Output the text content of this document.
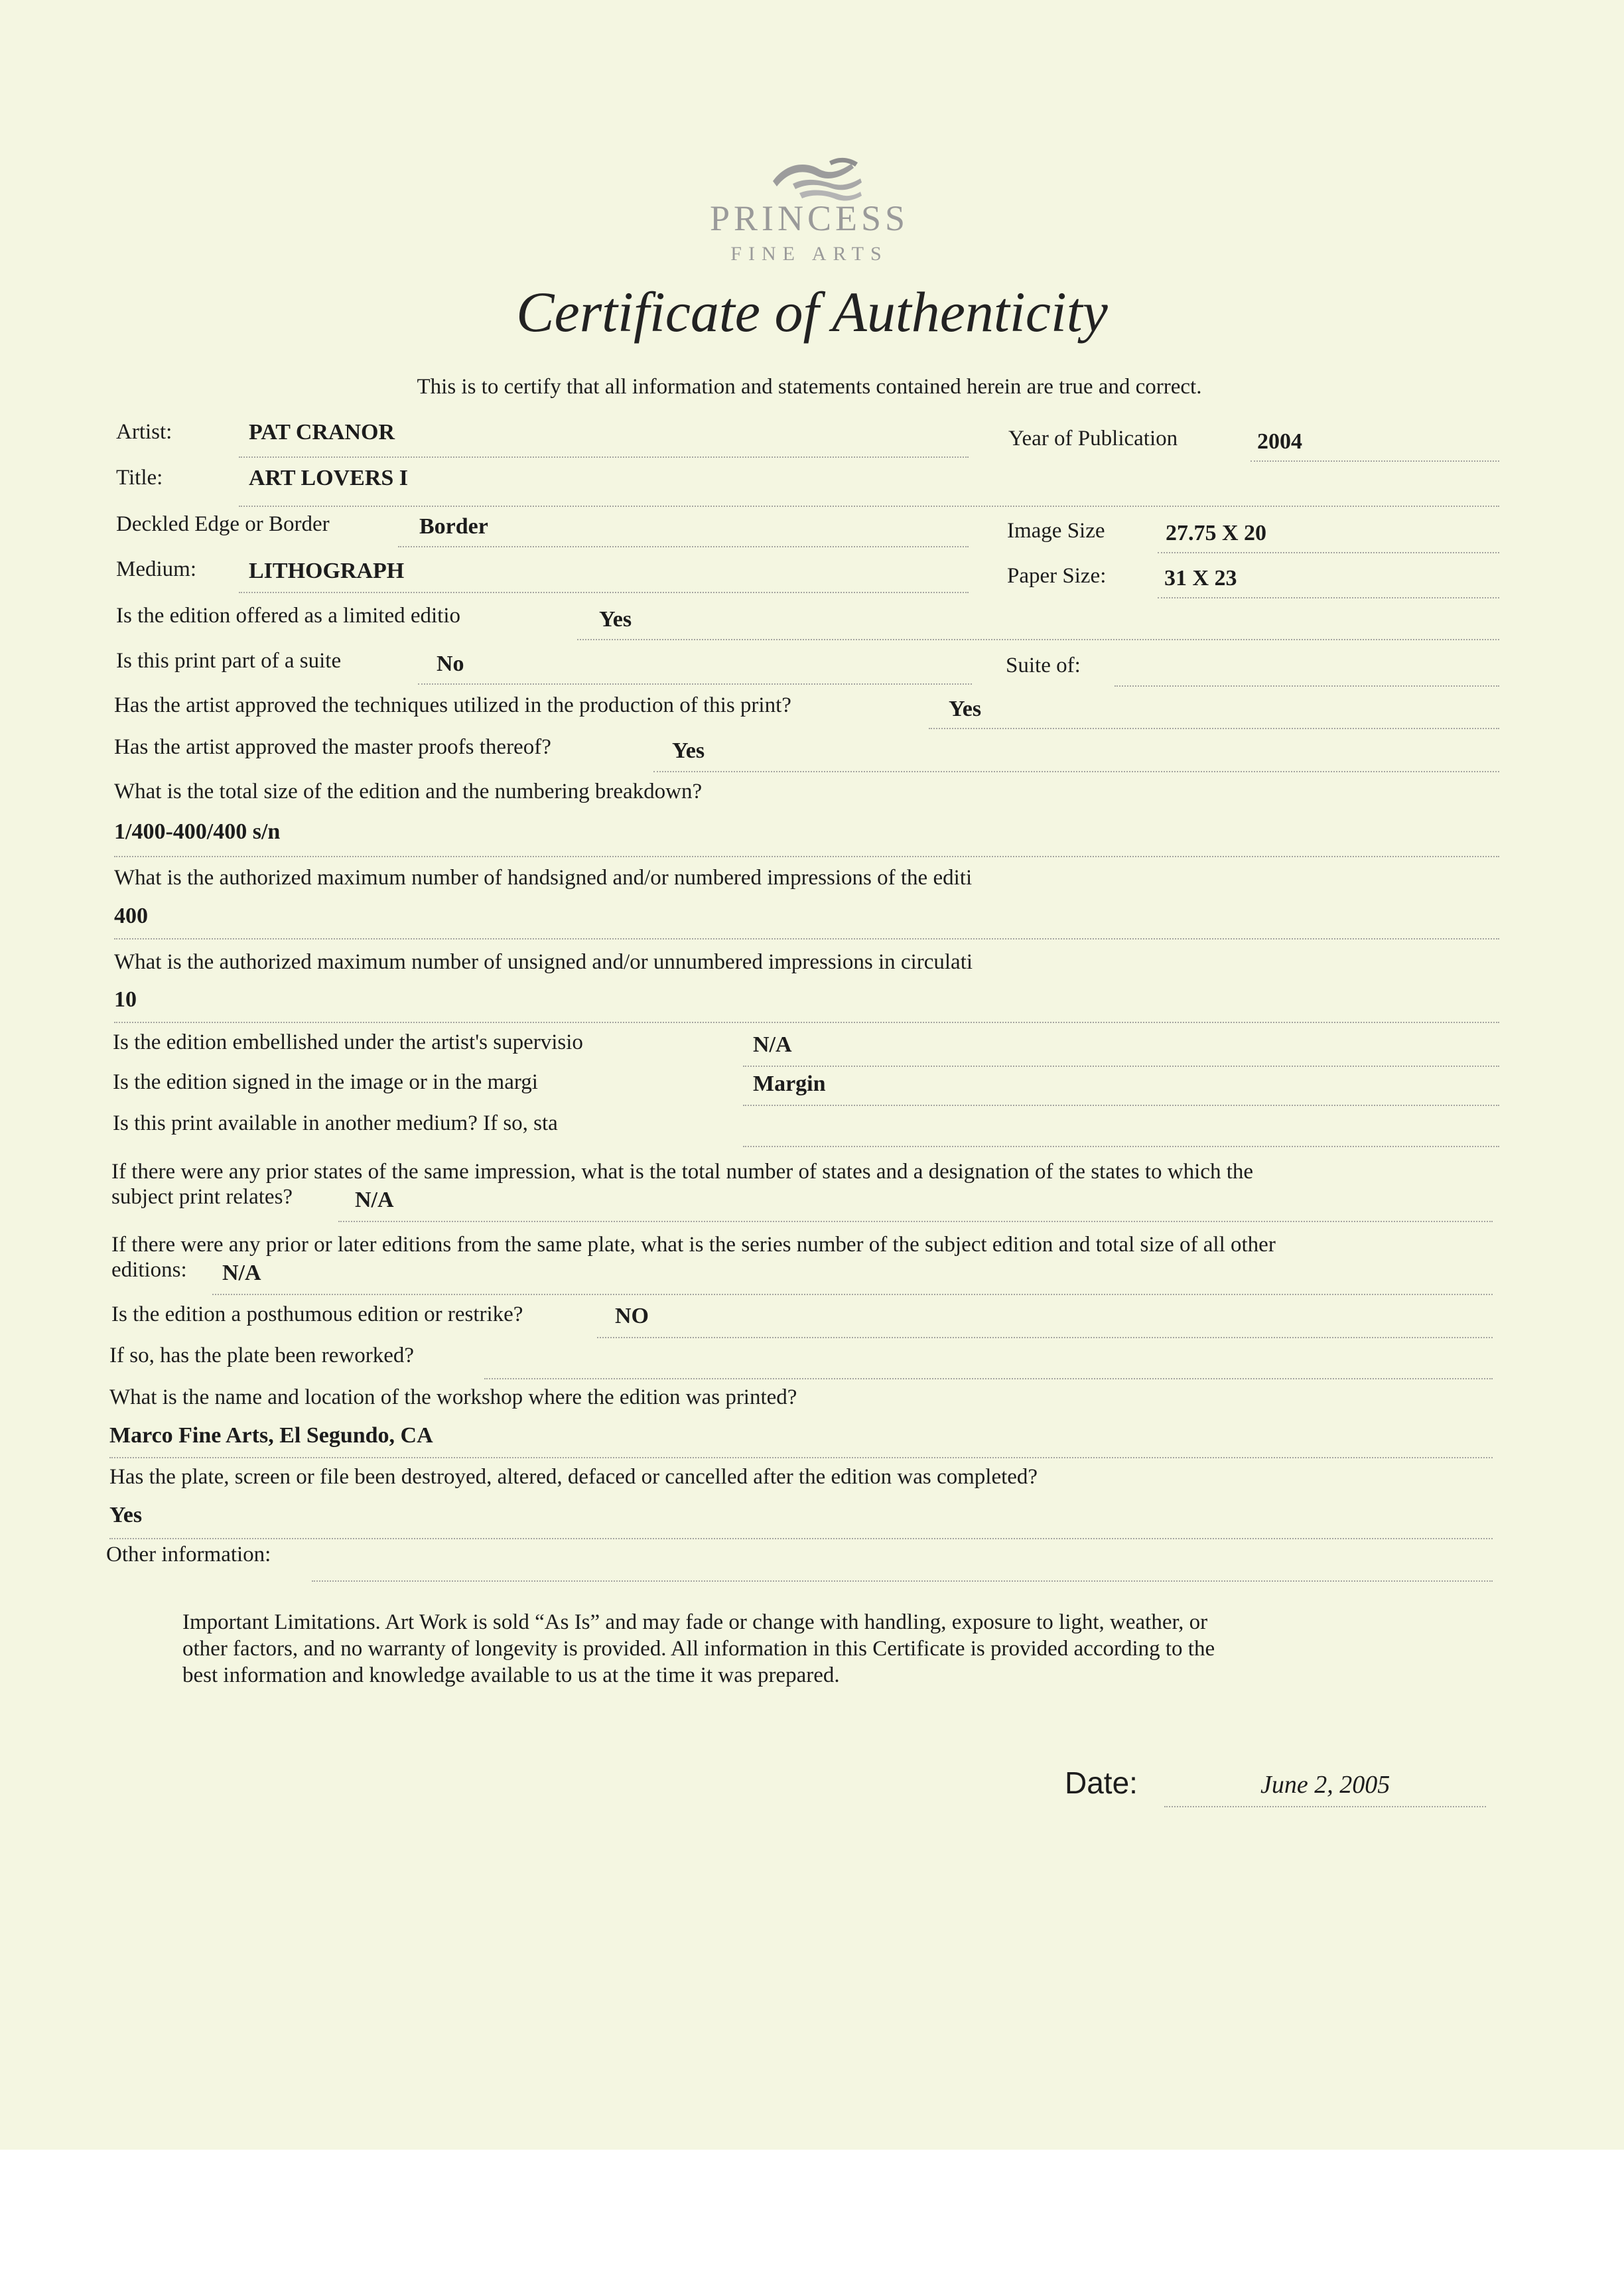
PRINCESS
FINE ARTS
Certificate of Authenticity
This is to certify that all information and statements contained herein are true and correct.
Artist:	PAT CRANOR	Year of Publication	2004
Title:	ART LOVERS I
Deckled Edge or Border	Border	Image Size	27.75 X 20
Medium: LITHOGRAPH	Paper Size:	31 X 23
Is the edition offered as a limited editio	Yes
Is this print part of a suite	No	Suite of:
Has the artist approved the techniques utilized in the production of this print?	Yes
Has the artist approved the master proofs thereof?	Yes
What is the total size of the edition and the numbering breakdown?
1/400-400/400 s/n
What is the authorized maximum number of handsigned and/or numbered impressions of the editi
400
What is the authorized maximum number of unsigned and/or unnumbered impressions in circulati
10
Is the edition embellished under the artist's supervisio	N/A
Is the edition signed in the image or in the margi	Margin
Is this print available in another medium? If so, sta
If there were any prior states of the same impression, what is the total number of states and a designation of the states to which the
subject print relates?	N/A
If there were any prior or later editions from the same plate, what is the series number of the subject edition and total size of all other
editions: N/A
Is the edition a posthumous edition or restrike?	NO
If so, has the plate been reworked?
What is the name and location of the workshop where the edition was printed?
Marco Fine Arts, El Segundo, CA
Has the plate, screen or file been destroyed, altered, defaced or cancelled after the edition was completed?
Yes
Other information:
Important Limitations. Art Work is sold “As Is” and may fade or change with handling, exposure to light, weather, or
other factors, and no warranty of longevity is provided. All information in this Certificate is provided according to the
best information and knowledge available to us at the time it was prepared.
Date:	June 2, 2005
